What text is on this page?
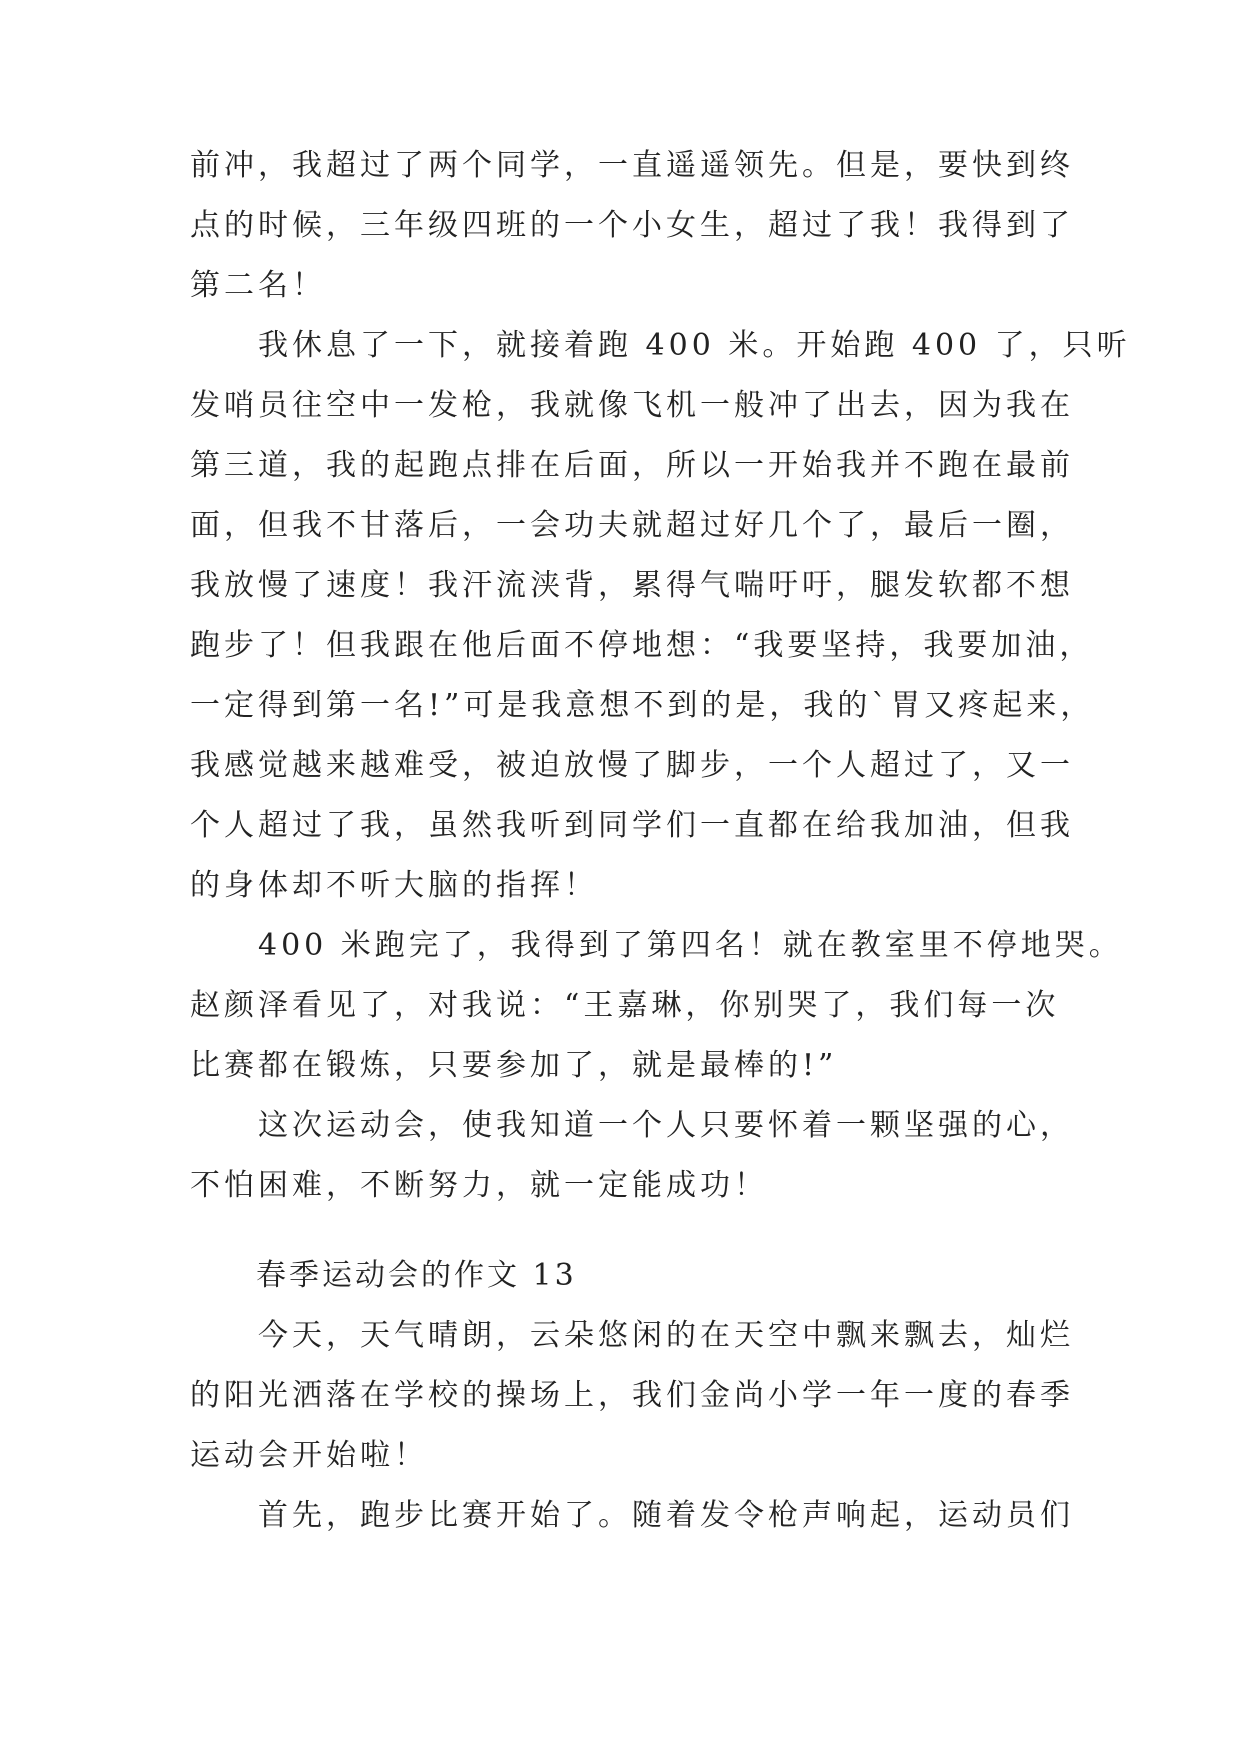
前冲，我超过了两个同学，一直遥遥领先。但是，要快到终
点的时候，三年级四班的一个小女生，超过了我！我得到了
第二名！
　　我休息了一下，就接着跑 400 米。开始跑 400 了，只听
发哨员往空中一发枪，我就像飞机一般冲了出去，因为我在
第三道，我的起跑点排在后面，所以一开始我并不跑在最前
面，但我不甘落后，一会功夫就超过好几个了，最后一圈，
我放慢了速度！我汗流浃背，累得气喘吁吁，腿发软都不想
跑步了！但我跟在他后面不停地想：“我要坚持，我要加油，
一定得到第一名!”可是我意想不到的是，我的`胃又疼起来，
我感觉越来越难受，被迫放慢了脚步，一个人超过了，又一
个人超过了我，虽然我听到同学们一直都在给我加油，但我
的身体却不听大脑的指挥！
　　400 米跑完了，我得到了第四名！就在教室里不停地哭。
赵颜泽看见了，对我说：“王嘉琳，你别哭了，我们每一次
比赛都在锻炼，只要参加了，就是最棒的!”
　　这次运动会，使我知道一个人只要怀着一颗坚强的心，
不怕困难，不断努力，就一定能成功！
　　春季运动会的作文 13
　　今天，天气晴朗，云朵悠闲的在天空中飘来飘去，灿烂
的阳光洒落在学校的操场上，我们金尚小学一年一度的春季
运动会开始啦！
　　首先，跑步比赛开始了。随着发令枪声响起，运动员们
